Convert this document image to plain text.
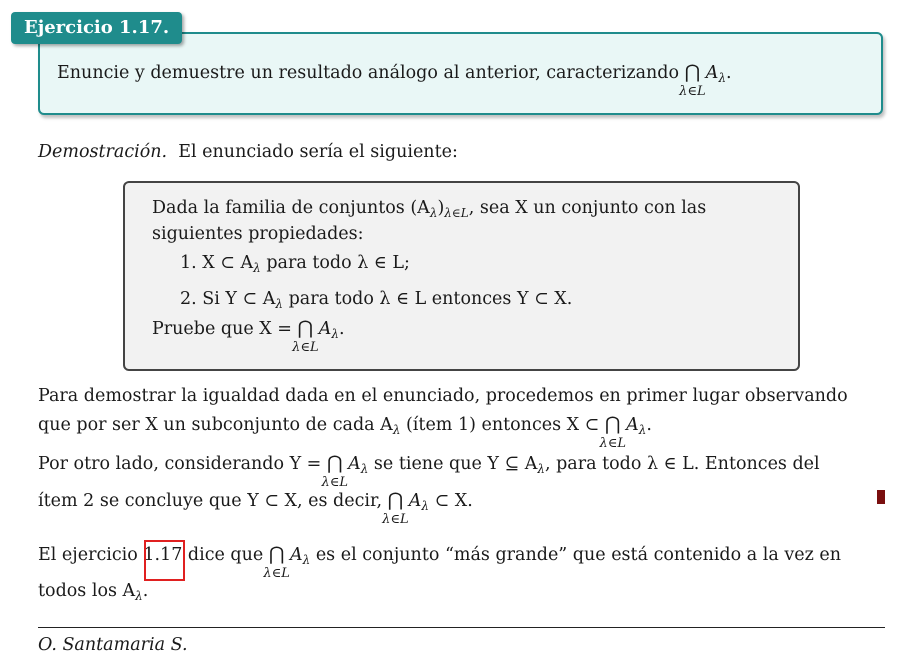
Ejercicio 1.17.
Enuncie y demuestre un resultado análogo al anterior, caracterizando ⋂
λ∈L
$A_\lambda$.
Demostración. El enunciado sería el siguiente:
Dada la familia de conjuntos $(A_\lambda)_{\lambda\in L}$, sea X un conjunto con las
siguientes propiedades:
1. X ⊂ $A_\lambda$ para todo λ ∈ L;
2. Si Y ⊂ $A_\lambda$ para todo λ ∈ L entonces Y ⊂ X.
Pruebe que X = ⋂
λ∈L
$A_\lambda$.
Para demostrar la igualdad dada en el enunciado, procedemos en primer lugar observando
que por ser X un subconjunto de cada $A_\lambda$ (ítem 1) entonces X ⊂ ⋂
λ∈L
$A_\lambda$.
Por otro lado, considerando Y = ⋂
λ∈L
$A_\lambda$ se tiene que Y ⊆ $A_\lambda$, para todo λ ∈ L. Entonces del
ítem 2 se concluye que Y ⊂ X, es decir, ⋂
λ∈L
$A_\lambda$ ⊂ X.
El ejercicio 1.17 dice que ⋂
λ∈L
$A_\lambda$ es el conjunto “más grande” que está contenido a la vez en
todos los $A_\lambda$.
O. Santamaria S.
